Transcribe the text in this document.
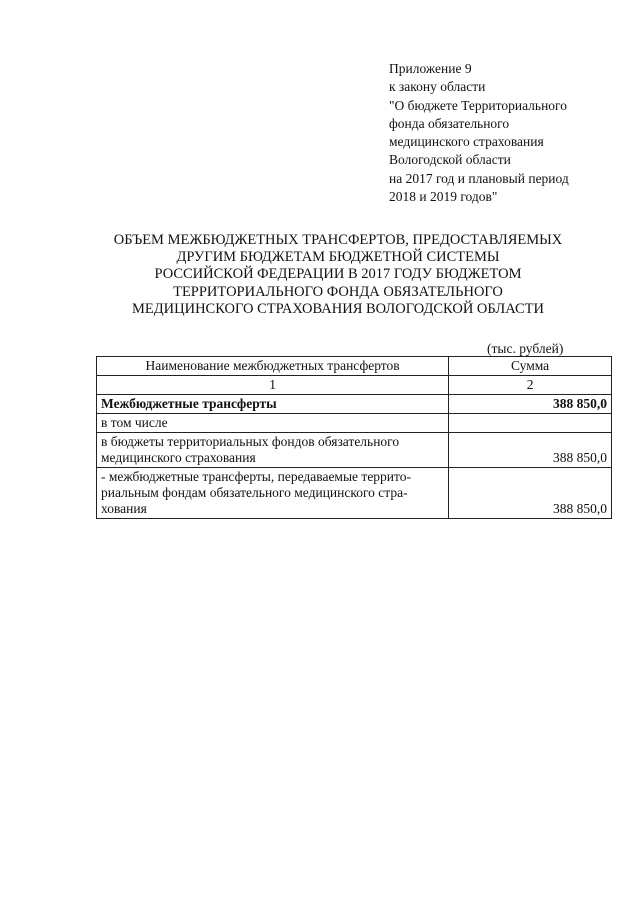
Приложение 9
к закону области
"О бюджете Территориального
фонда обязательного
медицинского страхования
Вологодской области
на 2017 год и плановый период
2018 и 2019 годов"
ОБЪЕМ МЕЖБЮДЖЕТНЫХ ТРАНСФЕРТОВ, ПРЕДОСТАВЛЯЕМЫХ
ДРУГИМ БЮДЖЕТАМ БЮДЖЕТНОЙ СИСТЕМЫ
РОССИЙСКОЙ ФЕДЕРАЦИИ В 2017 ГОДУ БЮДЖЕТОМ
ТЕРРИТОРИАЛЬНОГО ФОНДА ОБЯЗАТЕЛЬНОГО
МЕДИЦИНСКОГО СТРАХОВАНИЯ ВОЛОГОДСКОЙ ОБЛАСТИ
(тыс. рублей)
Наименование межбюджетных трансфертов	Сумма
1	2

Межбюджетные трансферты	388 850,0

в том числе	

в бюджеты территориальных фондов обязательного
медицинского страхования	388 850,0

- межбюджетные трансферты, передаваемые террито-
риальным фондам обязательного медицинского стра-
хования	388 850,0
